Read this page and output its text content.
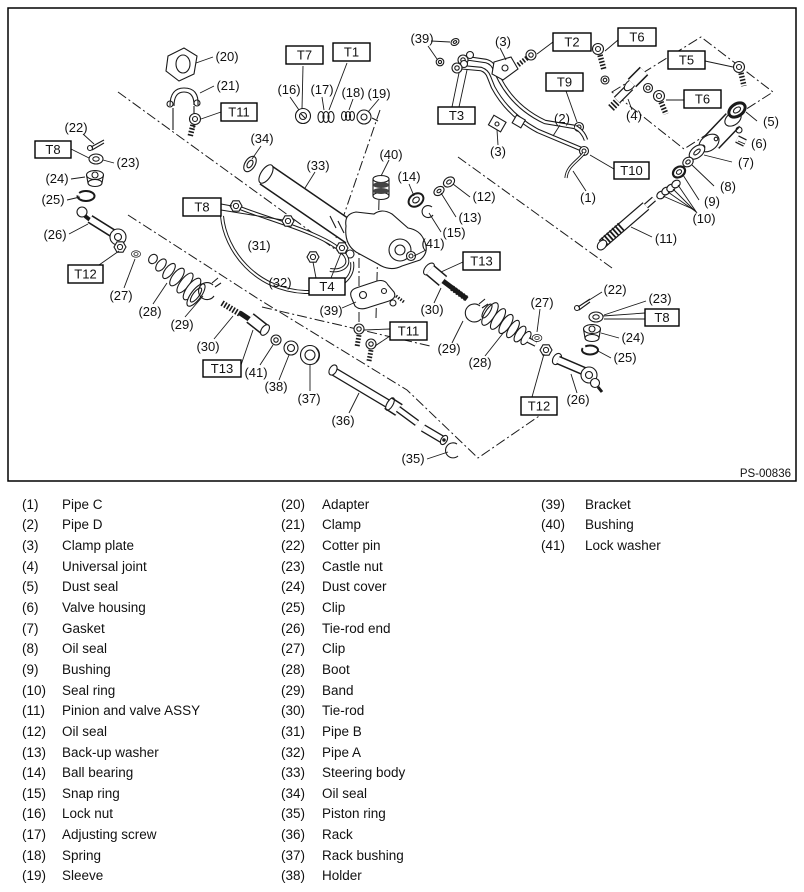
(20)
(21)
(22)
(23)
(24)
(25)
(26)
(16) (17) (18) (19)
(39)	(3)
(3)
(34)
(33)
(40)
(14)
(12)
(13)
(15)
(41)
(2)	(4)	(5)
(6)
(7)
(8)
(9)
(10)
(11)
(1)
(27)
(28)
(29)
(30)
(41)
(31)
(32)
(39)
(38)
(37)
(36)
(35)
(30)
(29)
(28)
(27)
(22)
(23)
(24)
(25)
(26)
T7 T1
T2	T6
T5
T9
T6
T3
T11
T8
T10
T8
T4
T11
T12
T13
T13
T8
T12
PS-00836
(1)	Pipe C
(2)	Pipe D
(3)	Clamp plate
(4)	Universal joint
(5)	Dust seal
(6)	Valve housing
(7)	Gasket
(8)	Oil seal
(9)	Bushing
(10)	Seal ring
(11)	Pinion and valve ASSY
(12)	Oil seal
(13)	Back-up washer
(14)	Ball bearing
(15)	Snap ring
(16)	Lock nut
(17)	Adjusting screw
(18)	Spring
(19)	Sleeve
(20)	Adapter
(21)	Clamp
(22)	Cotter pin
(23)	Castle nut
(24)	Dust cover
(25)	Clip
(26)	Tie-rod end
(27)	Clip
(28)	Boot
(29)	Band
(30)	Tie-rod
(31)	Pipe B
(32)	Pipe A
(33)	Steering body
(34)	Oil seal
(35)	Piston ring
(36)	Rack
(37)	Rack bushing
(38)	Holder
(39)	Bracket
(40)	Bushing
(41)	Lock washer
